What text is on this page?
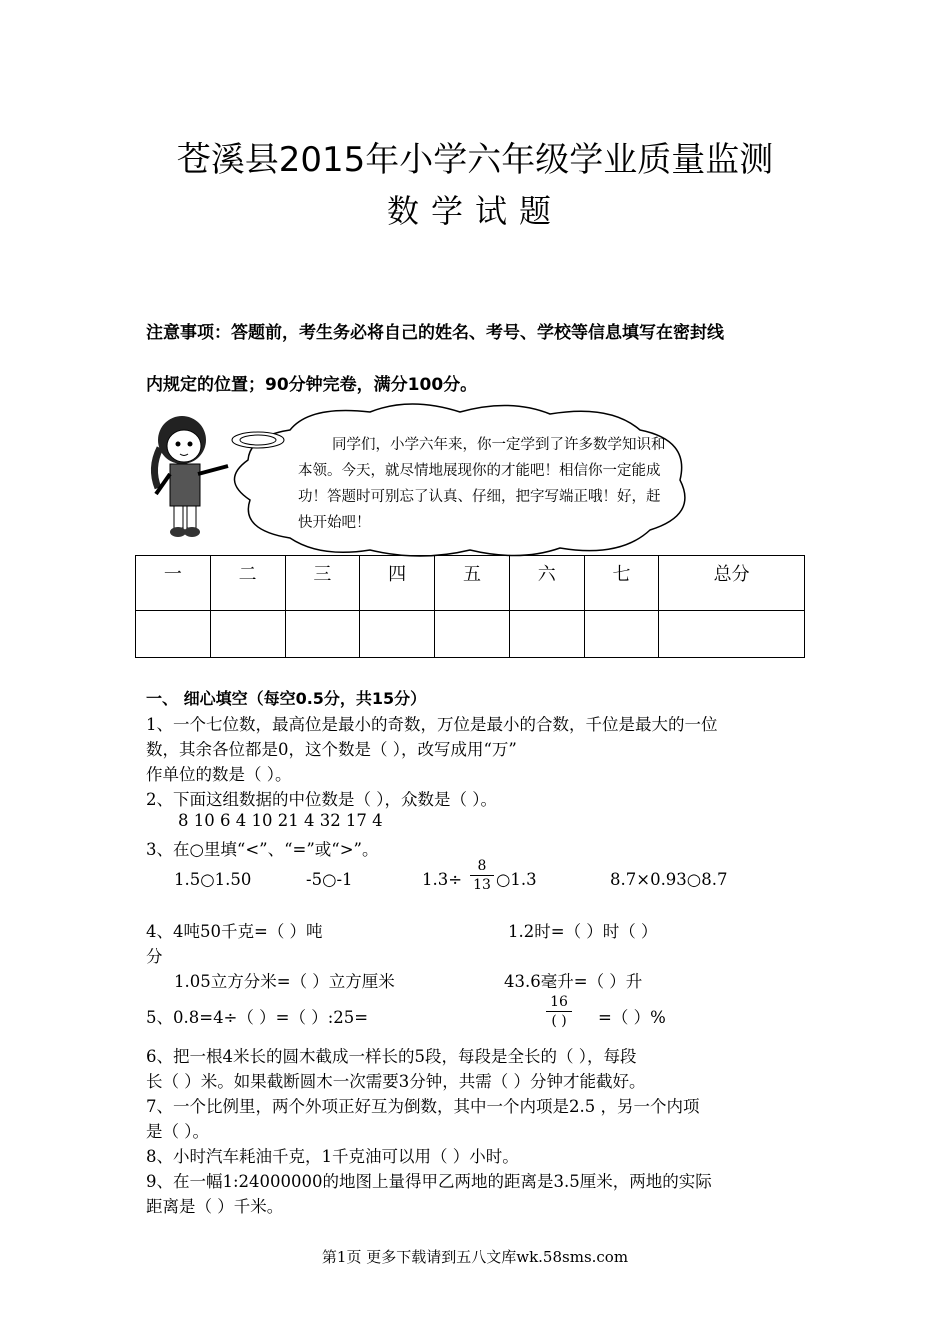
苍溪县2015年小学六年级学业质量监测
数学试题
注意事项：答题前，考生务必将自己的姓名、考号、学校等信息填写在密封线
内规定的位置；90分钟完卷，满分100分。
同学们，小学六年来，你一定学到了许多数学知识和
本领。今天，就尽情地展现你的才能吧！相信你一定能成
功！答题时可别忘了认真、仔细，把字写端正哦！好，赶
快开始吧！
一	二	三	四	五	六	七	总分

一、 细心填空（每空0.5分，共15分）
1、一个七位数，最高位是最小的奇数，万位是最小的合数，千位是最大的一位
数，其余各位都是0，这个数是（ ），改写成用“万”
作单位的数是（ ）。
2、下面这组数据的中位数是（ ），众数是（ ）。
8 10 6 4 10 21 4 32 17 4
3、在○里填“<”、“=”或“>”。
1.5○1.50	-5○-1	1.3÷
8
13 ○1.3	8.7×0.93○8.7
4、4吨50千克=（ ）吨	1.2时=（ ）时（ ）
分
1.05立方分米=（ ）立方厘米	43.6毫升=（ ）升
5、0.8=4÷（ ）=（ ）:25=
16
( )	=（ ）%
6、把一根4米长的圆木截成一样长的5段，每段是全长的（ ），每段
长（ ）米。如果截断圆木一次需要3分钟，共需（ ）分钟才能截好。
7、一个比例里，两个外项正好互为倒数，其中一个内项是2.5 ，另一个内项
是（ ）。
8、小时汽车耗油千克，1千克油可以用（ ）小时。
9、在一幅1:24000000的地图上量得甲乙两地的距离是3.5厘米，两地的实际
距离是（ ）千米。
第1页 更多下载请到五八文库wk.58sms.com
